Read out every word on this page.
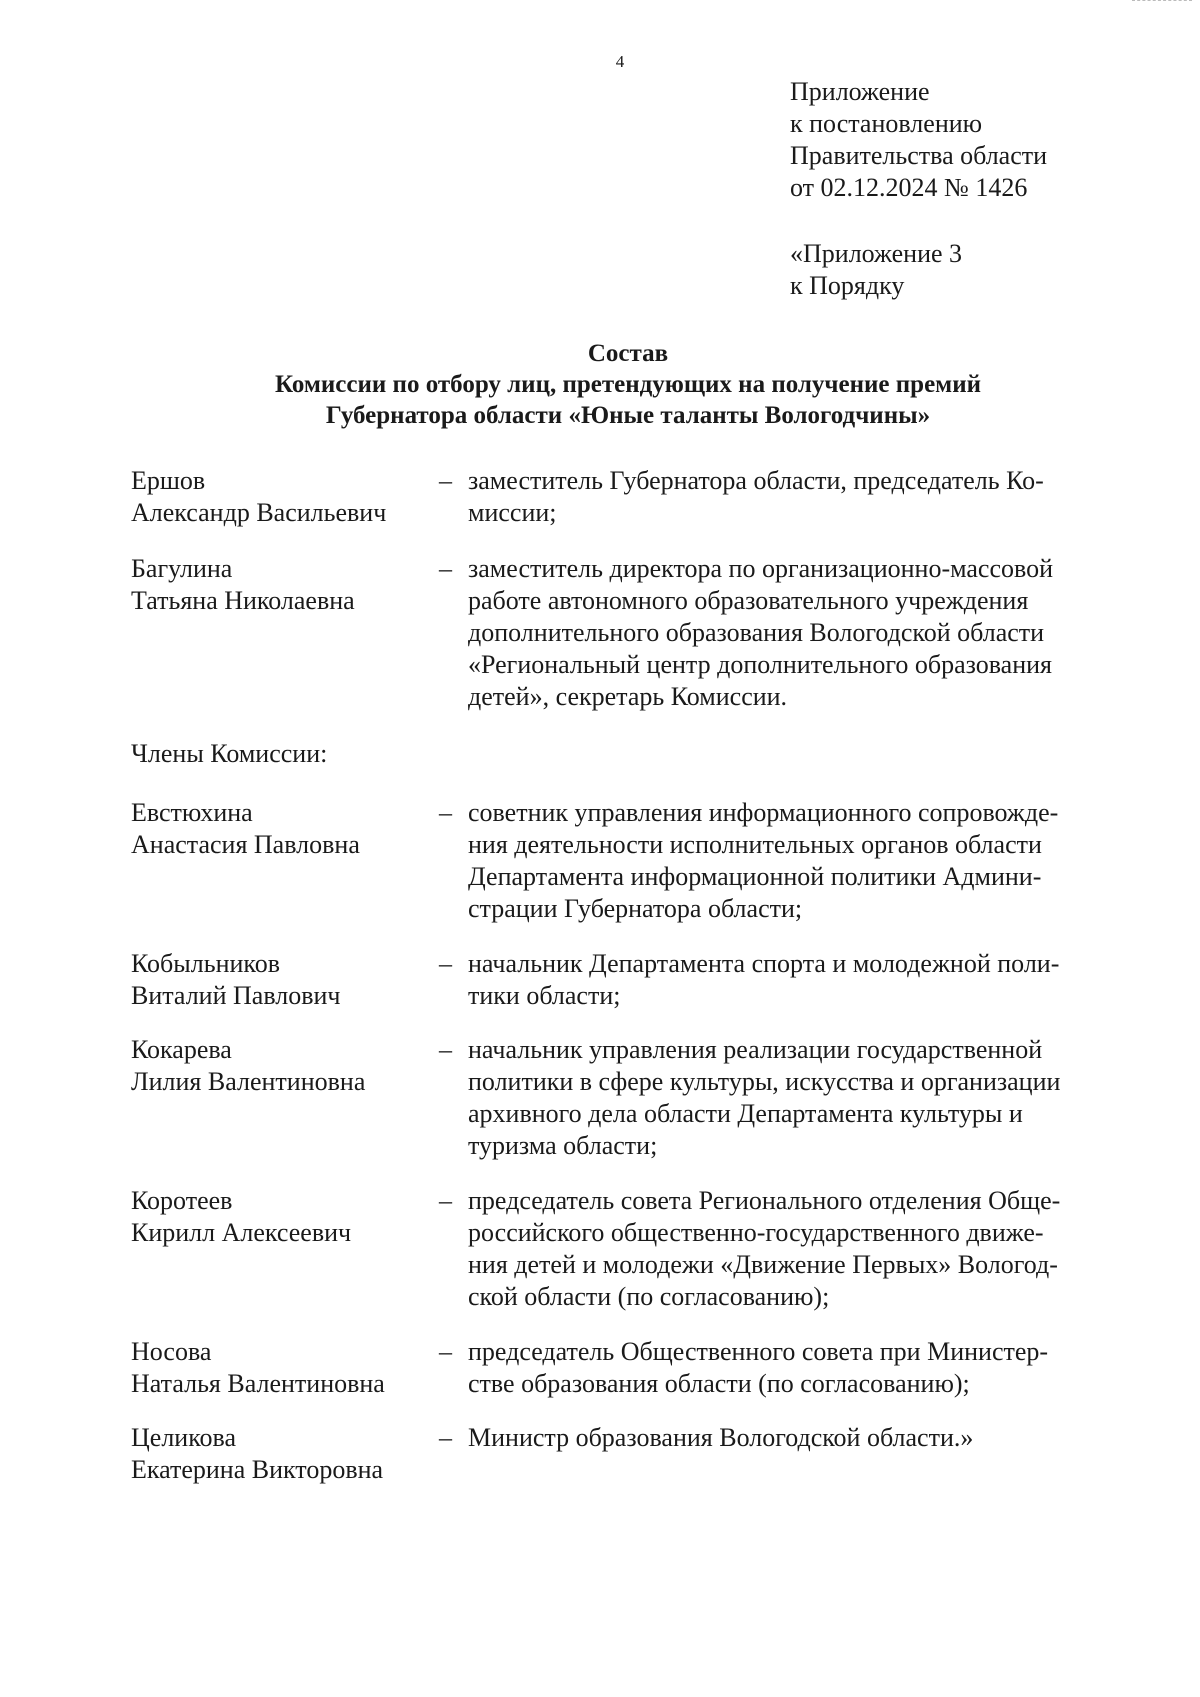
4
Приложение
к постановлению
Правительства области
от 02.12.2024 № 1426
«Приложение 3
к Порядку
Состав
Комиссии по отбору лиц, претендующих на получение премий
Губернатора области «Юные таланты Вологодчины»
Ершов
Александр Васильевич
– заместитель Губернатора области, председатель Ко-
миссии;
Багулина
Татьяна Николаевна
– заместитель директора по организационно-массовой
работе автономного образовательного учреждения
дополнительного образования Вологодской области
«Региональный центр дополнительного образования
детей», секретарь Комиссии.
Члены Комиссии:
Евстюхина
Анастасия Павловна
– советник управления информационного сопровожде-
ния деятельности исполнительных органов области
Департамента информационной политики Админи-
страции Губернатора области;
Кобыльников
Виталий Павлович
– начальник Департамента спорта и молодежной поли-
тики области;
Кокарева
Лилия Валентиновна
– начальник управления реализации государственной
политики в сфере культуры, искусства и организации
архивного дела области Департамента культуры и
туризма области;
Коротеев
Кирилл Алексеевич
– председатель совета Регионального отделения Обще-
российского общественно-государственного движе-
ния детей и молодежи «Движение Первых» Вологод-
ской области (по согласованию);
Носова
Наталья Валентиновна
– председатель Общественного совета при Министер-
стве образования области (по согласованию);
Целикова
Екатерина Викторовна
– Министр образования Вологодской области.»
